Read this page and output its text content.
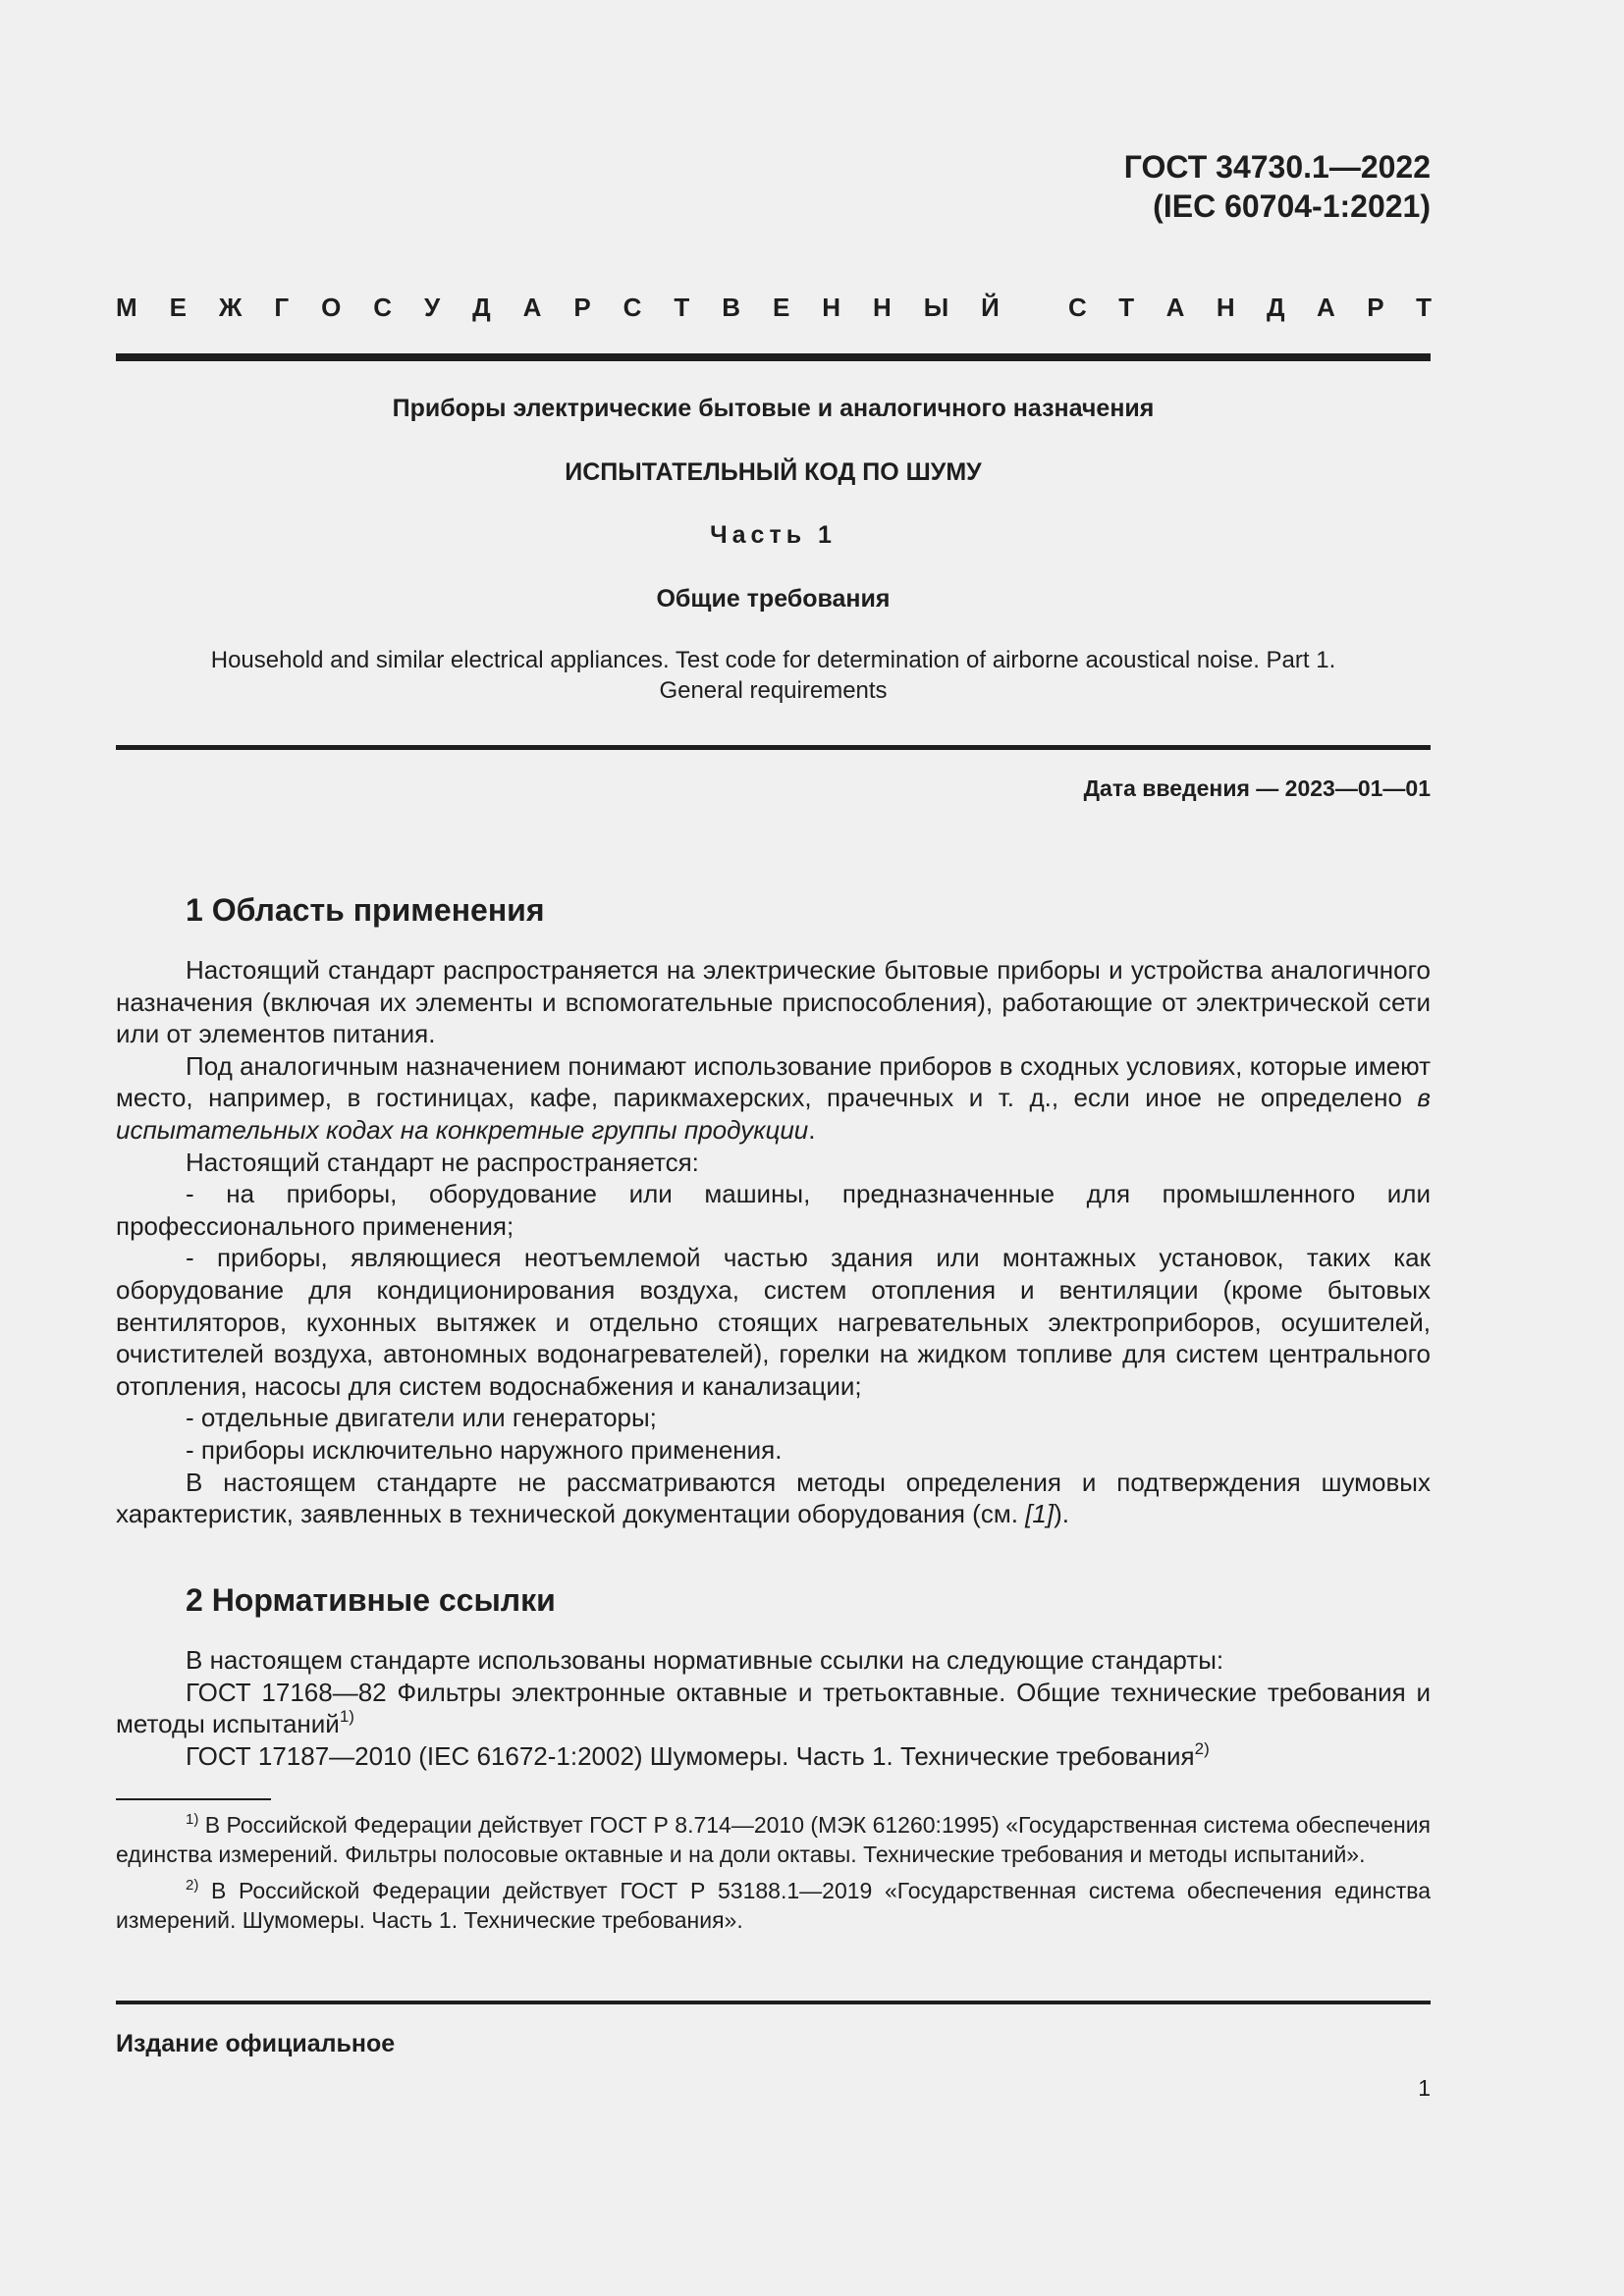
ГОСТ 34730.1—2022
(IEC 60704-1:2021)
М Е Ж Г О С У Д А Р С Т В Е Н Н Ы Й	С Т А Н Д А Р Т
Приборы электрические бытовые и аналогичного назначения
ИСПЫТАТЕЛЬНЫЙ КОД ПО ШУМУ
Часть 1
Общие требования
Household and similar electrical appliances. Test code for determination of airborne acoustical noise. Part 1.
General requirements
Дата введения — 2023—01—01
1 Область применения

Настоящий стандарт распространяется на электрические бытовые приборы и устройства аналогичного назначения (включая их элементы и вспомогательные приспособления), работающие от электрической сети или от элементов питания.

Под аналогичным назначением понимают использование приборов в сходных условиях, которые имеют место, например, в гостиницах, кафе, парикмахерских, прачечных и т. д., если иное не определено в испытательных кодах на конкретные группы продукции.

Настоящий стандарт не распространяется:

- на приборы, оборудование или машины, предназначенные для промышленного или профессионального применения;

- приборы, являющиеся неотъемлемой частью здания или монтажных установок, таких как оборудование для кондиционирования воздуха, систем отопления и вентиляции (кроме бытовых вентиляторов, кухонных вытяжек и отдельно стоящих нагревательных электроприборов, осушителей, очистителей воздуха, автономных водонагревателей), горелки на жидком топливе для систем центрального отопления, насосы для систем водоснабжения и канализации;

- отдельные двигатели или генераторы;

- приборы исключительно наружного применения.

В настоящем стандарте не рассматриваются методы определения и подтверждения шумовых характеристик, заявленных в технической документации оборудования (см. [1]).

2 Нормативные ссылки

В настоящем стандарте использованы нормативные ссылки на следующие стандарты:

ГОСТ 17168—82 Фильтры электронные октавные и третьоктавные. Общие технические требования и методы испытаний$^{1)}$

ГОСТ 17187—2010 (IEC 61672-1:2002) Шумомеры. Часть 1. Технические требования$^{2)}$

$^{1)}$ В Российской Федерации действует ГОСТ Р 8.714—2010 (МЭК 61260:1995) «Государственная система обеспечения единства измерений. Фильтры полосовые октавные и на доли октавы. Технические требования и методы испытаний».

$^{2)}$ В Российской Федерации действует ГОСТ Р 53188.1—2019 «Государственная система обеспечения единства измерений. Шумомеры. Часть 1. Технические требования».

Издание официальное
1
